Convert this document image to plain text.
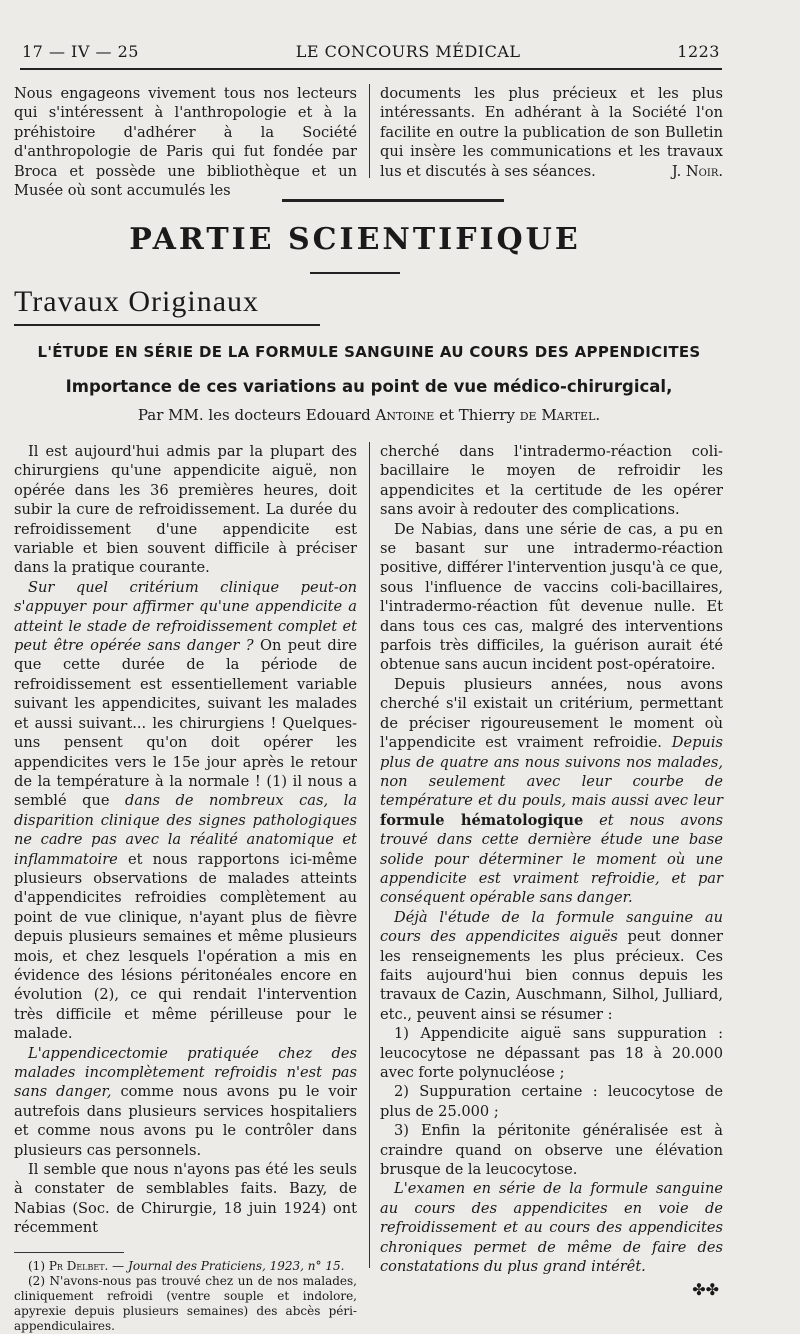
17 — IV — 25	LE CONCOURS MÉDICAL	1223

Nous engageons vivement tous nos lecteurs qui s'intéressent à l'anthropologie et à la préhistoire d'adhérer à la Société d'anthropologie de Paris qui fut fondée par Broca et possède une bibliothèque et un Musée où sont accumulés les

documents les plus précieux et les plus intéressants. En adhérant à la Société l'on facilite en outre la publication de son Bulletin qui insère les communications et les travaux lus et discutés à ses séances.	J. Noir.
PARTIE SCIENTIFIQUE
Travaux Originaux
L'ÉTUDE EN SÉRIE DE LA FORMULE SANGUINE AU COURS DES APPENDICITES
Importance de ces variations au point de vue médico-chirurgical,
Par MM. les docteurs Edouard Antoine et Thierry de Martel.

Il est aujourd'hui admis par la plupart des chirurgiens qu'une appendicite aiguë, non opérée dans les 36 premières heures, doit subir la cure de refroidissement. La durée du refroidissement d'une appendicite est variable et bien souvent difficile à préciser dans la pratique courante.

Sur quel critérium clinique peut-on s'appuyer pour affirmer qu'une appendicite a atteint le stade de refroidissement complet et peut être opérée sans danger ? On peut dire que cette durée de la période de refroidissement est essentiellement variable suivant les appendicites, suivant les malades et aussi suivant... les chirurgiens ! Quelques-uns pensent qu'on doit opérer les appendicites vers le 15e jour après le retour de la température à la normale ! (1) il nous a semblé que dans de nombreux cas, la disparition clinique des signes pathologiques ne cadre pas avec la réalité anatomique et inflammatoire et nous rapportons ici-même plusieurs observations de malades atteints d'appendicites refroidies complètement au point de vue clinique, n'ayant plus de fièvre depuis plusieurs semaines et même plusieurs mois, et chez lesquels l'opération a mis en évidence des lésions péritonéales encore en évolution (2), ce qui rendait l'intervention très difficile et même périlleuse pour le malade.

L'appendicectomie pratiquée chez des malades incomplètement refroidis n'est pas sans danger, comme nous avons pu le voir autrefois dans plusieurs services hospitaliers et comme nous avons pu le contrôler dans plusieurs cas personnels.

Il semble que nous n'ayons pas été les seuls à constater de semblables faits. Bazy, de Nabias (Soc. de Chirurgie, 18 juin 1924) ont récemment

(1) Pr Delbet. — Journal des Praticiens, 1923, n° 15.

(2) N'avons-nous pas trouvé chez un de nos malades, cliniquement refroidi (ventre souple et indolore, apyrexie depuis plusieurs semaines) des abcès péri-appendiculaires.

cherché dans l'intradermo-réaction coli-bacillaire le moyen de refroidir les appendicites et la certitude de les opérer sans avoir à redouter des complications.

De Nabias, dans une série de cas, a pu en se basant sur une intradermo-réaction positive, différer l'intervention jusqu'à ce que, sous l'influence de vaccins coli-bacillaires, l'intradermo-réaction fût devenue nulle. Et dans tous ces cas, malgré des interventions parfois très difficiles, la guérison aurait été obtenue sans aucun incident post-opératoire.

Depuis plusieurs années, nous avons cherché s'il existait un critérium, permettant de préciser rigoureusement le moment où l'appendicite est vraiment refroidie. Depuis plus de quatre ans nous suivons nos malades, non seulement avec leur courbe de température et du pouls, mais aussi avec leur formule hématologique et nous avons trouvé dans cette dernière étude une base solide pour déterminer le moment où une appendicite est vraiment refroidie, et par conséquent opérable sans danger.

Déjà l'étude de la formule sanguine au cours des appendicites aiguës peut donner les renseignements les plus précieux. Ces faits aujourd'hui bien connus depuis les travaux de Cazin, Auschmann, Silhol, Julliard, etc., peuvent ainsi se résumer :

1) Appendicite aiguë sans suppuration : leucocytose ne dépassant pas 18 à 20.000 avec forte polynucléose ;

2) Suppuration certaine : leucocytose de plus de 25.000 ;

3) Enfin la péritonite généralisée est à craindre quand on observe une élévation brusque de la leucocytose.

L'examen en série de la formule sanguine au cours des appendicites en voie de refroidissement et au cours des appendicites chroniques permet de même de faire des constatations du plus grand intérêt.

✤✤
